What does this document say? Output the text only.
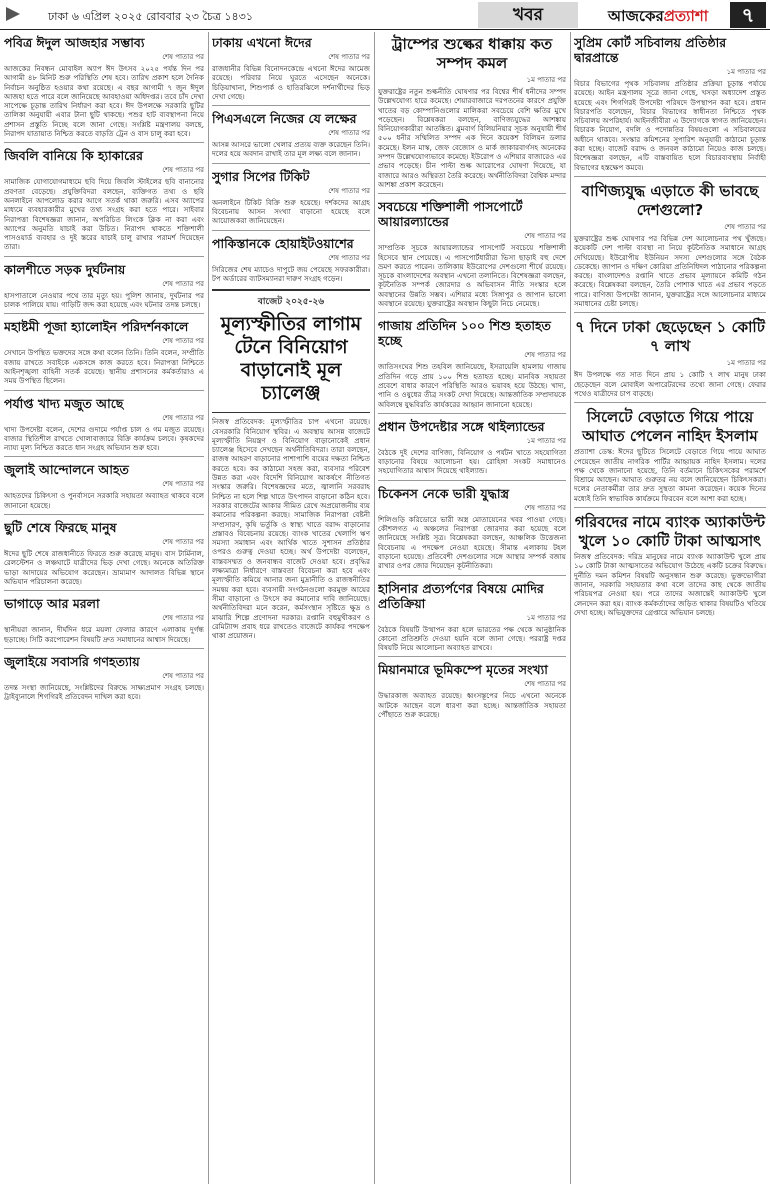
ঢাকা ৬ এপ্রিল ২০২৫ রোববার ২৩ চৈত্র ১৪৩১	খবর	আজকেরপ্রত্যাশা	৭
পবিত্র ঈদুল আজহার সম্ভাব্য
শেষ পাতার পর
আজকের নিবন্ধন মোবাইল অ্যাপ ঈদ উৎসব ২০২৫ পর্যন্ত দিন পর আগামী ৪৮ মিনিট শুরু পরিস্থিতি শেষ হবে। তারিখ প্রকাশ হলে দৈনিক নির্বাচন অনুষ্ঠিত হওয়ার কথা রয়েছে। এ বছর আগামী ৭ জুন ঈদুল আজহা হতে পারে বলে জানিয়েছে আবহাওয়া অধিদপ্তর। তবে চাঁদ দেখা সাপেক্ষে চূড়ান্ত তারিখ নির্ধারণ করা হবে। ঈদ উপলক্ষে সরকারি ছুটির তালিকা অনুযায়ী এবার টানা ছুটি থাকছে। পশুর হাট ব্যবস্থাপনা নিয়ে প্রশাসন প্রস্তুতি নিচ্ছে বলে জানা গেছে। সংশ্লিষ্ট মন্ত্রণালয় বলছে, নিরাপদ যাতায়াত নিশ্চিত করতে বাড়তি ট্রেন ও বাস চালু করা হবে।
জিবলি বানিয়ে কি হ্যাকারের
শেষ পাতার পর
সামাজিক যোগাযোগমাধ্যমে ছবি দিয়ে জিবলি স্টাইলের ছবি বানানোর প্রবণতা বেড়েছে। প্রযুক্তিবিদরা বলছেন, ব্যক্তিগত তথ্য ও ছবি অনলাইনে আপলোড করার আগে সতর্ক থাকা জরুরি। এসব অ্যাপের মাধ্যমে ব্যবহারকারীর মুখের তথ্য সংগ্রহ করা হতে পারে। সাইবার নিরাপত্তা বিশেষজ্ঞরা জানান, অপরিচিত লিংকে ক্লিক না করা এবং অ্যাপের অনুমতি যাচাই করা উচিত। নিরাপদ থাকতে শক্তিশালী পাসওয়ার্ড ব্যবহার ও দুই স্তরের যাচাই চালু রাখার পরামর্শ দিয়েছেন তারা।
কালশীতে সড়ক দুর্ঘটনায়
শেষ পাতার পর
হাসপাতালে নেওয়ার পথে তার মৃত্যু হয়। পুলিশ জানায়, দুর্ঘটনার পর চালক পালিয়ে যায়। গাড়িটি জব্দ করা হয়েছে এবং ঘটনার তদন্ত চলছে।
মহাষ্টমী পূজা হ্যালোইন পরিদর্শনকালে
শেষ পাতার পর
সেখানে উপস্থিত ভক্তদের সঙ্গে কথা বলেন তিনি। তিনি বলেন, সম্প্রীতি বজায় রাখতে সবাইকে একসঙ্গে কাজ করতে হবে। নিরাপত্তা নিশ্চিতে আইনশৃঙ্খলা বাহিনী সতর্ক রয়েছে। স্থানীয় প্রশাসনের কর্মকর্তারাও এ সময় উপস্থিত ছিলেন।
পর্যাপ্ত খাদ্য মজুত আছে
শেষ পাতার পর
খাদ্য উপদেষ্টা বলেন, দেশের গুদামে পর্যাপ্ত চাল ও গম মজুত রয়েছে। বাজার স্থিতিশীল রাখতে খোলাবাজারে বিক্রি কার্যক্রম চলবে। কৃষকদের ন্যায্য মূল্য নিশ্চিত করতে ধান সংগ্রহ অভিযান শুরু হবে।
জুলাই আন্দোলনে আহত
শেষ পাতার পর
আহতদের চিকিৎসা ও পুনর্বাসনে সরকারি সহায়তা অব্যাহত থাকবে বলে জানানো হয়েছে।
ছুটি শেষে ফিরছে মানুষ
শেষ পাতার পর
ঈদের ছুটি শেষে রাজধানীতে ফিরতে শুরু করেছে মানুষ। বাস টার্মিনাল, রেলস্টেশন ও লঞ্চঘাটে যাত্রীদের ভিড় দেখা গেছে। অনেকে অতিরিক্ত ভাড়া আদায়ের অভিযোগ করেছেন। ভ্রাম্যমাণ আদালত বিভিন্ন স্থানে অভিযান পরিচালনা করেছে।
ভাগাড়ে আর মরলা
শেষ পাতার পর
স্থানীয়রা জানান, দীর্ঘদিন ধরে ময়লা ফেলার কারণে এলাকায় দুর্গন্ধ ছড়াচ্ছে। সিটি করপোরেশন বিষয়টি দ্রুত সমাধানের আশ্বাস দিয়েছে।
জুলাইয়ে সবাসরি গণহত্যায়
শেষ পাতার পর
তদন্ত সংস্থা জানিয়েছে, সংশ্লিষ্টদের বিরুদ্ধে সাক্ষ্যপ্রমাণ সংগ্রহ চলছে। ট্রাইব্যুনালে শিগগিরই প্রতিবেদন দাখিল করা হবে।
ঢাকায় এখনো ঈদের
শেষ পাতার পর
রাজধানীর বিভিন্ন বিনোদনকেন্দ্রে এখনো ঈদের আমেজ রয়েছে। পরিবার নিয়ে ঘুরতে এসেছেন অনেকে। চিড়িয়াখানা, শিশুপার্ক ও হাতিরঝিলে দর্শনার্থীদের ভিড় দেখা গেছে।
পিএসএলে নিজের যে লক্ষের
শেষ পাতার পর
আসন্ন আসরে ভালো খেলার প্রত্যয় ব্যক্ত করেছেন তিনি। দলের হয়ে অবদান রাখাই তার মূল লক্ষ্য বলে জানান।
সুগার সিপের টিকিট
শেষ পাতার পর
অনলাইনে টিকিট বিক্রি শুরু হয়েছে। দর্শকদের আগ্রহ বিবেচনায় আসন সংখ্যা বাড়ানো হয়েছে বলে আয়োজকরা জানিয়েছেন।
পাকিস্তানকে হোয়াইটওয়াশের
শেষ পাতার পর
সিরিজের শেষ ম্যাচেও দাপুটে জয় পেয়েছে সফরকারীরা। টপ অর্ডারের ব্যাটসম্যানরা দারুণ সংগ্রহ গড়েন।
বাজেট ২০২৫-২৬
মূল্যস্ফীতির লাগাম টেনে বিনিয়োগ বাড়ানোই মূল চ্যালেঞ্জ
নিজস্ব প্রতিবেদক: মূল্যস্ফীতির চাপ এখনো রয়েছে। বেসরকারি বিনিয়োগ স্থবির। এ অবস্থায় আসন্ন বাজেটে মূল্যস্ফীতি নিয়ন্ত্রণ ও বিনিয়োগ বাড়ানোকেই প্রধান চ্যালেঞ্জ হিসেবে দেখছেন অর্থনীতিবিদরা। তারা বলছেন, রাজস্ব আহরণ বাড়ানোর পাশাপাশি ব্যয়ের দক্ষতা নিশ্চিত করতে হবে। কর কাঠামো সহজ করা, ব্যবসার পরিবেশ উন্নত করা এবং বিদেশি বিনিয়োগ আকর্ষণে নীতিগত সংস্কার জরুরি। বিশেষজ্ঞদের মতে, জ্বালানি সরবরাহ নিশ্চিত না হলে শিল্প খাতে উৎপাদন বাড়ানো কঠিন হবে। সরকার বাজেটের আকার সীমিত রেখে অপ্রয়োজনীয় ব্যয় কমানোর পরিকল্পনা করছে। সামাজিক নিরাপত্তা বেষ্টনী সম্প্রসারণ, কৃষি ভর্তুকি ও স্বাস্থ্য খাতে বরাদ্দ বাড়ানোর প্রস্তাবও বিবেচনায় রয়েছে। ব্যাংক খাতের খেলাপি ঋণ সমস্যা সমাধান এবং আর্থিক খাতে সুশাসন প্রতিষ্ঠার ওপরও গুরুত্ব দেওয়া হচ্ছে। অর্থ উপদেষ্টা বলেছেন, বাস্তবসম্মত ও জনবান্ধব বাজেট দেওয়া হবে। প্রবৃদ্ধির লক্ষ্যমাত্রা নির্ধারণে বাস্তবতা বিবেচনা করা হবে এবং মূল্যস্ফীতি কমিয়ে আনার জন্য মুদ্রানীতি ও রাজস্বনীতির সমন্বয় করা হবে। ব্যবসায়ী সংগঠনগুলো করমুক্ত আয়ের সীমা বাড়ানো ও উৎসে কর কমানোর দাবি জানিয়েছে। অর্থনীতিবিদরা মনে করেন, কর্মসংস্থান সৃষ্টিতে ক্ষুদ্র ও মাঝারি শিল্পে প্রণোদনা দরকার। রপ্তানি বহুমুখীকরণ ও রেমিট্যান্স প্রবাহ ধরে রাখতেও বাজেটে কার্যকর পদক্ষেপ থাকা প্রয়োজন।
ট্রাম্পের শুল্কের ধাক্কায় কত সম্পদ কমল
১ম পাতার পর
যুক্তরাষ্ট্রের নতুন শুল্কনীতি ঘোষণার পর বিশ্বের শীর্ষ ধনীদের সম্পদ উল্লেখযোগ্য হারে কমেছে। শেয়ারবাজারে দরপতনের কারণে প্রযুক্তি খাতের বড় কোম্পানিগুলোর মালিকরা সবচেয়ে বেশি ক্ষতির মুখে পড়েছেন। বিশ্লেষকরা বলছেন, বাণিজ্যযুদ্ধের আশঙ্কায় বিনিয়োগকারীরা আতঙ্কিত। ব্লুমবার্গ বিলিয়নিয়ার সূচক অনুযায়ী শীর্ষ ৫০০ ধনীর সম্মিলিত সম্পদ এক দিনে কয়েকশ বিলিয়ন ডলার কমেছে। ইলন মাস্ক, জেফ বেজোস ও মার্ক জাকারবার্গসহ অনেকের সম্পদ উল্লেখযোগ্যভাবে কমেছে। ইউরোপ ও এশিয়ার বাজারেও এর প্রভাব পড়েছে। চীন পাল্টা শুল্ক আরোপের ঘোষণা দিয়েছে, যা বাজারে আরও অস্থিরতা তৈরি করেছে। অর্থনীতিবিদরা বৈশ্বিক মন্দার আশঙ্কা প্রকাশ করেছেন।
সবচেয়ে শক্তিশালী পাসপোর্টে আয়ারল্যান্ডের
শেষ পাতার পর
সাম্প্রতিক সূচকে আয়ারল্যান্ডের পাসপোর্ট সবচেয়ে শক্তিশালী হিসেবে স্থান পেয়েছে। এ পাসপোর্টধারীরা ভিসা ছাড়াই বহু দেশে ভ্রমণ করতে পারেন। তালিকায় ইউরোপের দেশগুলো শীর্ষে রয়েছে। সূচকে বাংলাদেশের অবস্থান এখনো তলানিতে। বিশেষজ্ঞরা বলছেন, কূটনৈতিক সম্পর্ক জোরদার ও অভিবাসন নীতি সংস্কার হলে অবস্থানের উন্নতি সম্ভব। এশিয়ার মধ্যে সিঙ্গাপুর ও জাপান ভালো অবস্থানে রয়েছে। যুক্তরাষ্ট্রের অবস্থান কিছুটা নিচে নেমেছে।
গাজায় প্রতিদিন ১০০ শিশু হতাহত হচ্ছে
শেষ পাতার পর
জাতিসংঘের শিশু তহবিল জানিয়েছে, ইসরায়েলি হামলায় গাজায় প্রতিদিন গড়ে প্রায় ১০০ শিশু হতাহত হচ্ছে। মানবিক সহায়তা প্রবেশে বাধার কারণে পরিস্থিতি আরও ভয়াবহ হয়ে উঠছে। খাদ্য, পানি ও ওষুধের তীব্র সংকট দেখা দিয়েছে। আন্তর্জাতিক সম্প্রদায়কে অবিলম্বে যুদ্ধবিরতি কার্যকরের আহ্বান জানানো হয়েছে।
প্রধান উপদেষ্টার সঙ্গে থাইল্যান্ডের
১ম পাতার পর
বৈঠকে দুই দেশের বাণিজ্য, বিনিয়োগ ও পর্যটন খাতে সহযোগিতা বাড়ানোর বিষয়ে আলোচনা হয়। রোহিঙ্গা সংকট সমাধানেও সহযোগিতার আশ্বাস দিয়েছে থাইল্যান্ড।
চিকেনস নেকে ভারী যুদ্ধাস্ত্র
শেষ পাতার পর
শিলিগুড়ি করিডোরে ভারী অস্ত্র মোতায়েনের খবর পাওয়া গেছে। কৌশলগত এ অঞ্চলের নিরাপত্তা জোরদার করা হয়েছে বলে জানিয়েছে সংশ্লিষ্ট সূত্র। বিশ্লেষকরা বলছেন, আঞ্চলিক উত্তেজনা বিবেচনায় এ পদক্ষেপ নেওয়া হয়েছে। সীমান্ত এলাকায় টহল বাড়ানো হয়েছে। প্রতিবেশী দেশগুলোর সঙ্গে আস্থার সম্পর্ক বজায় রাখার ওপর জোর দিয়েছেন কূটনীতিকরা।
হাসিনার প্রত্যর্পণের বিষয়ে মোদির প্রতিক্রিয়া
১ম পাতার পর
বৈঠকে বিষয়টি উত্থাপন করা হলে ভারতের পক্ষ থেকে আনুষ্ঠানিক কোনো প্রতিশ্রুতি দেওয়া হয়নি বলে জানা গেছে। পররাষ্ট্র দপ্তর বিষয়টি নিয়ে আলোচনা অব্যাহত রাখবে।
মিয়ানমারে ভূমিকম্পে মৃতের সংখ্যা
শেষ পাতার পর
উদ্ধারকাজ অব্যাহত রয়েছে। ধ্বংসস্তূপের নিচে এখনো অনেকে আটকে আছেন বলে ধারণা করা হচ্ছে। আন্তর্জাতিক সহায়তা পৌঁছাতে শুরু করেছে।
সুপ্রিম কোর্ট সচিবালয় প্রতিষ্ঠার দ্বারপ্রান্তে
১ম পাতার পর
বিচার বিভাগের পৃথক সচিবালয় প্রতিষ্ঠার প্রক্রিয়া চূড়ান্ত পর্যায়ে রয়েছে। আইন মন্ত্রণালয় সূত্রে জানা গেছে, খসড়া অধ্যাদেশ প্রস্তুত হয়েছে এবং শিগগিরই উপদেষ্টা পরিষদে উপস্থাপন করা হবে। প্রধান বিচারপতি বলেছেন, বিচার বিভাগের স্বাধীনতা নিশ্চিতে পৃথক সচিবালয় অপরিহার্য। আইনজীবীরা এ উদ্যোগকে স্বাগত জানিয়েছেন। বিচারক নিয়োগ, বদলি ও পদোন্নতির বিষয়গুলো এ সচিবালয়ের অধীনে থাকবে। সংস্কার কমিশনের সুপারিশ অনুযায়ী কাঠামো চূড়ান্ত করা হচ্ছে। বাজেট বরাদ্দ ও জনবল কাঠামো নিয়েও কাজ চলছে। বিশেষজ্ঞরা বলছেন, এটি বাস্তবায়িত হলে বিচারব্যবস্থায় নির্বাহী বিভাগের হস্তক্ষেপ কমবে।
বাণিজ্যযুদ্ধ এড়াতে কী ভাবছে দেশগুলো?
শেষ পাতার পর
যুক্তরাষ্ট্রের শুল্ক ঘোষণার পর বিভিন্ন দেশ আলোচনার পথ খুঁজছে। কয়েকটি দেশ পাল্টা ব্যবস্থা না নিয়ে কূটনৈতিক সমাধানে আগ্রহ দেখিয়েছে। ইউরোপীয় ইউনিয়ন সদস্য দেশগুলোর সঙ্গে বৈঠক ডেকেছে। জাপান ও দক্ষিণ কোরিয়া প্রতিনিধিদল পাঠানোর পরিকল্পনা করছে। বাংলাদেশও রপ্তানি খাতে প্রভাব মূল্যায়নে কমিটি গঠন করেছে। বিশ্লেষকরা বলছেন, তৈরি পোশাক খাতে এর প্রভাব পড়তে পারে। বাণিজ্য উপদেষ্টা জানান, যুক্তরাষ্ট্রের সঙ্গে আলোচনার মাধ্যমে সমাধানের চেষ্টা চলছে।
৭ দিনে ঢাকা ছেড়েছেন ১ কোটি ৭ লাখ
১ম পাতার পর
ঈদ উপলক্ষে গত সাত দিনে প্রায় ১ কোটি ৭ লাখ মানুষ ঢাকা ছেড়েছেন বলে মোবাইল অপারেটরদের তথ্যে জানা গেছে। ফেরার পথেও যাত্রীদের চাপ বাড়ছে।
সিলেটে বেড়াতে গিয়ে পায়ে আঘাত পেলেন নাহিদ ইসলাম
প্রত্যাশা ডেস্ক: ঈদের ছুটিতে সিলেটে বেড়াতে গিয়ে পায়ে আঘাত পেয়েছেন জাতীয় নাগরিক পার্টির আহ্বায়ক নাহিদ ইসলাম। দলের পক্ষ থেকে জানানো হয়েছে, তিনি বর্তমানে চিকিৎসকের পরামর্শে বিশ্রামে আছেন। আঘাত গুরুতর নয় বলে জানিয়েছেন চিকিৎসকরা। দলের নেতাকর্মীরা তার দ্রুত সুস্থতা কামনা করেছেন। কয়েক দিনের মধ্যেই তিনি স্বাভাবিক কার্যক্রমে ফিরবেন বলে আশা করা হচ্ছে।
গরিবদের নামে ব্যাংক অ্যাকাউন্ট খুলে ১০ কোটি টাকা আত্মসাৎ
নিজস্ব প্রতিবেদক: দরিদ্র মানুষের নামে ব্যাংক অ্যাকাউন্ট খুলে প্রায় ১০ কোটি টাকা আত্মসাতের অভিযোগ উঠেছে একটি চক্রের বিরুদ্ধে। দুর্নীতি দমন কমিশন বিষয়টি অনুসন্ধান শুরু করেছে। ভুক্তভোগীরা জানান, সরকারি সহায়তার কথা বলে তাদের কাছ থেকে জাতীয় পরিচয়পত্র নেওয়া হয়। পরে তাদের অজান্তেই অ্যাকাউন্ট খুলে লেনদেন করা হয়। ব্যাংক কর্মকর্তাদের জড়িত থাকার বিষয়টিও খতিয়ে দেখা হচ্ছে। অভিযুক্তদের গ্রেপ্তারে অভিযান চলছে।
